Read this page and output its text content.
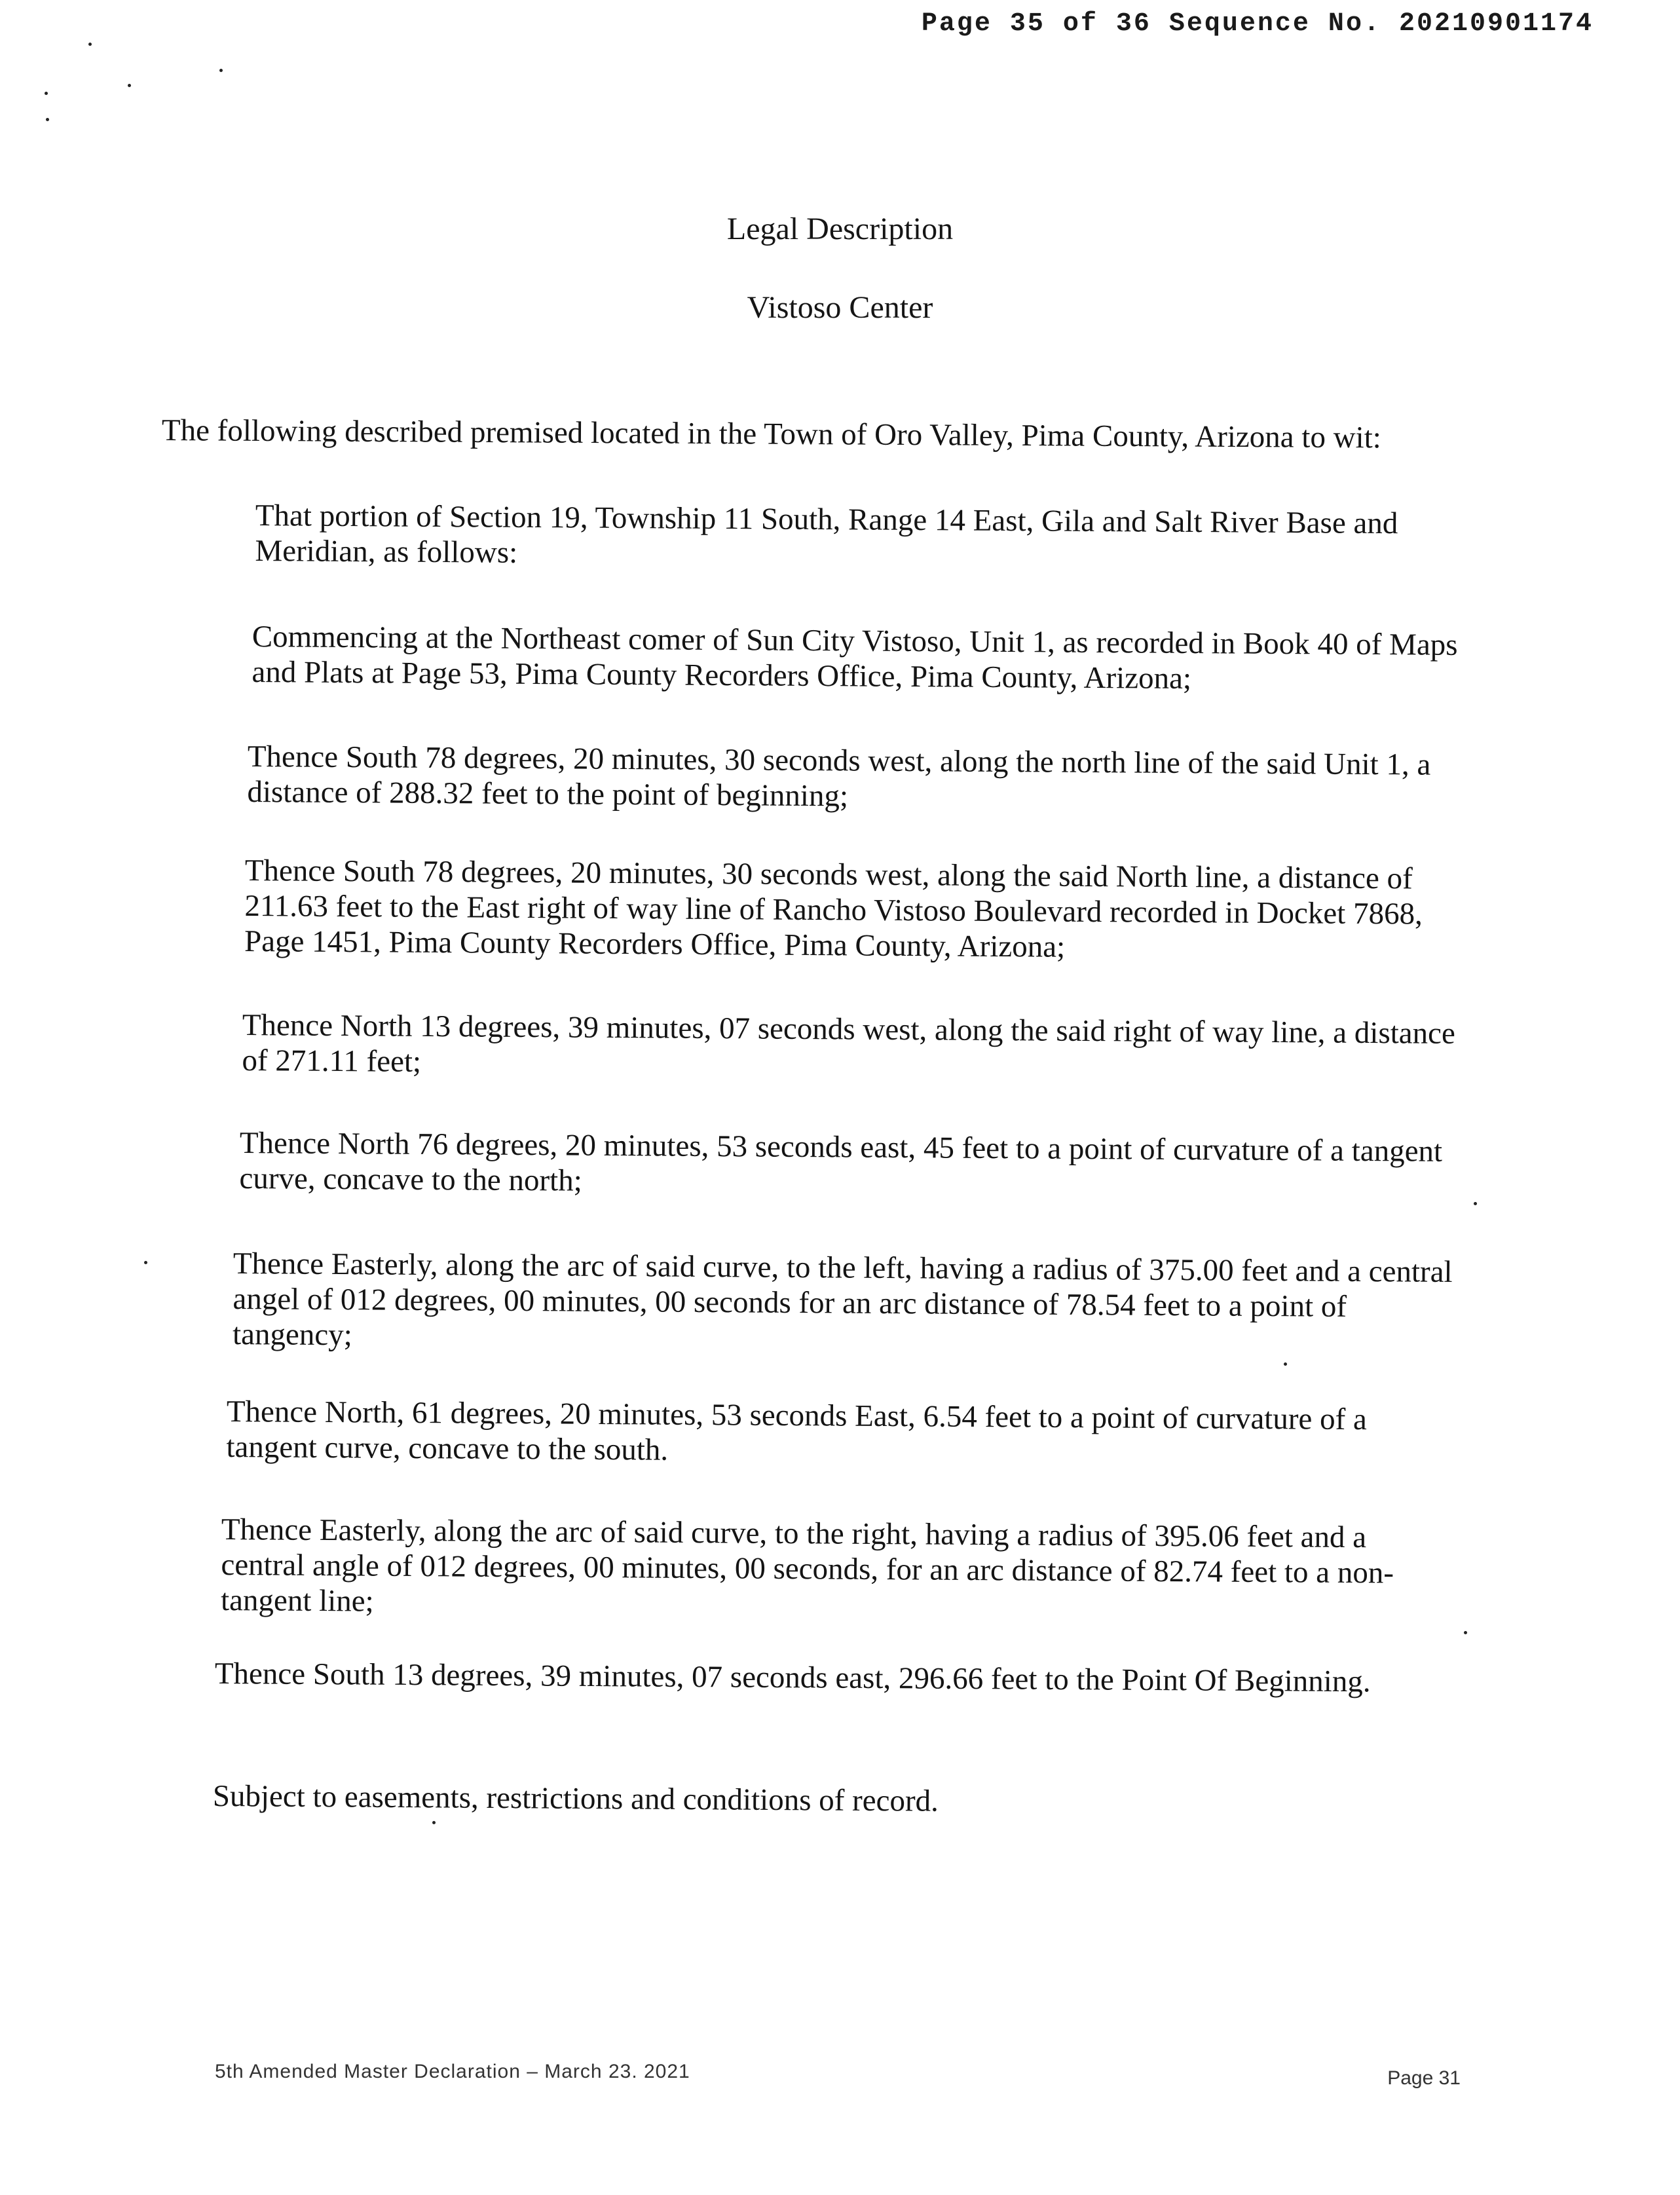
Page 35 of 36 Sequence No. 20210901174
Legal Description
Vistoso Center
The following described premised located in the Town of Oro Valley, Pima County, Arizona to wit:
That portion of Section 19, Township 11 South, Range 14 East, Gila and Salt River Base and Meridian, as follows:
Commencing at the Northeast comer of Sun City Vistoso, Unit 1, as recorded in Book 40 of Maps and Plats at Page 53, Pima County Recorders Office, Pima County, Arizona;
Thence South 78 degrees, 20 minutes, 30 seconds west, along the north line of the said Unit 1, a distance of 288.32 feet to the point of beginning;
Thence South 78 degrees, 20 minutes, 30 seconds west, along the said North line, a distance of 211.63 feet to the East right of way line of Rancho Vistoso Boulevard recorded in Docket 7868, Page 1451, Pima County Recorders Office, Pima County, Arizona;
Thence North 13 degrees, 39 minutes, 07 seconds west, along the said right of way line, a distance of 271.11 feet;
Thence North 76 degrees, 20 minutes, 53 seconds east, 45 feet to a point of curvature of a tangent curve, concave to the north;
Thence Easterly, along the arc of said curve, to the left, having a radius of 375.00 feet and a central angel of 012 degrees, 00 minutes, 00 seconds for an arc distance of 78.54 feet to a point of tangency;
Thence North, 61 degrees, 20 minutes, 53 seconds East, 6.54 feet to a point of curvature of a tangent curve, concave to the south.
Thence Easterly, along the arc of said curve, to the right, having a radius of 395.06 feet and a central angle of 012 degrees, 00 minutes, 00 seconds, for an arc distance of 82.74 feet to a non-tangent line;
Thence South 13 degrees, 39 minutes, 07 seconds east, 296.66 feet to the Point Of Beginning.
Subject to easements, restrictions and conditions of record.
5th Amended Master Declaration – March 23. 2021	Page 31
